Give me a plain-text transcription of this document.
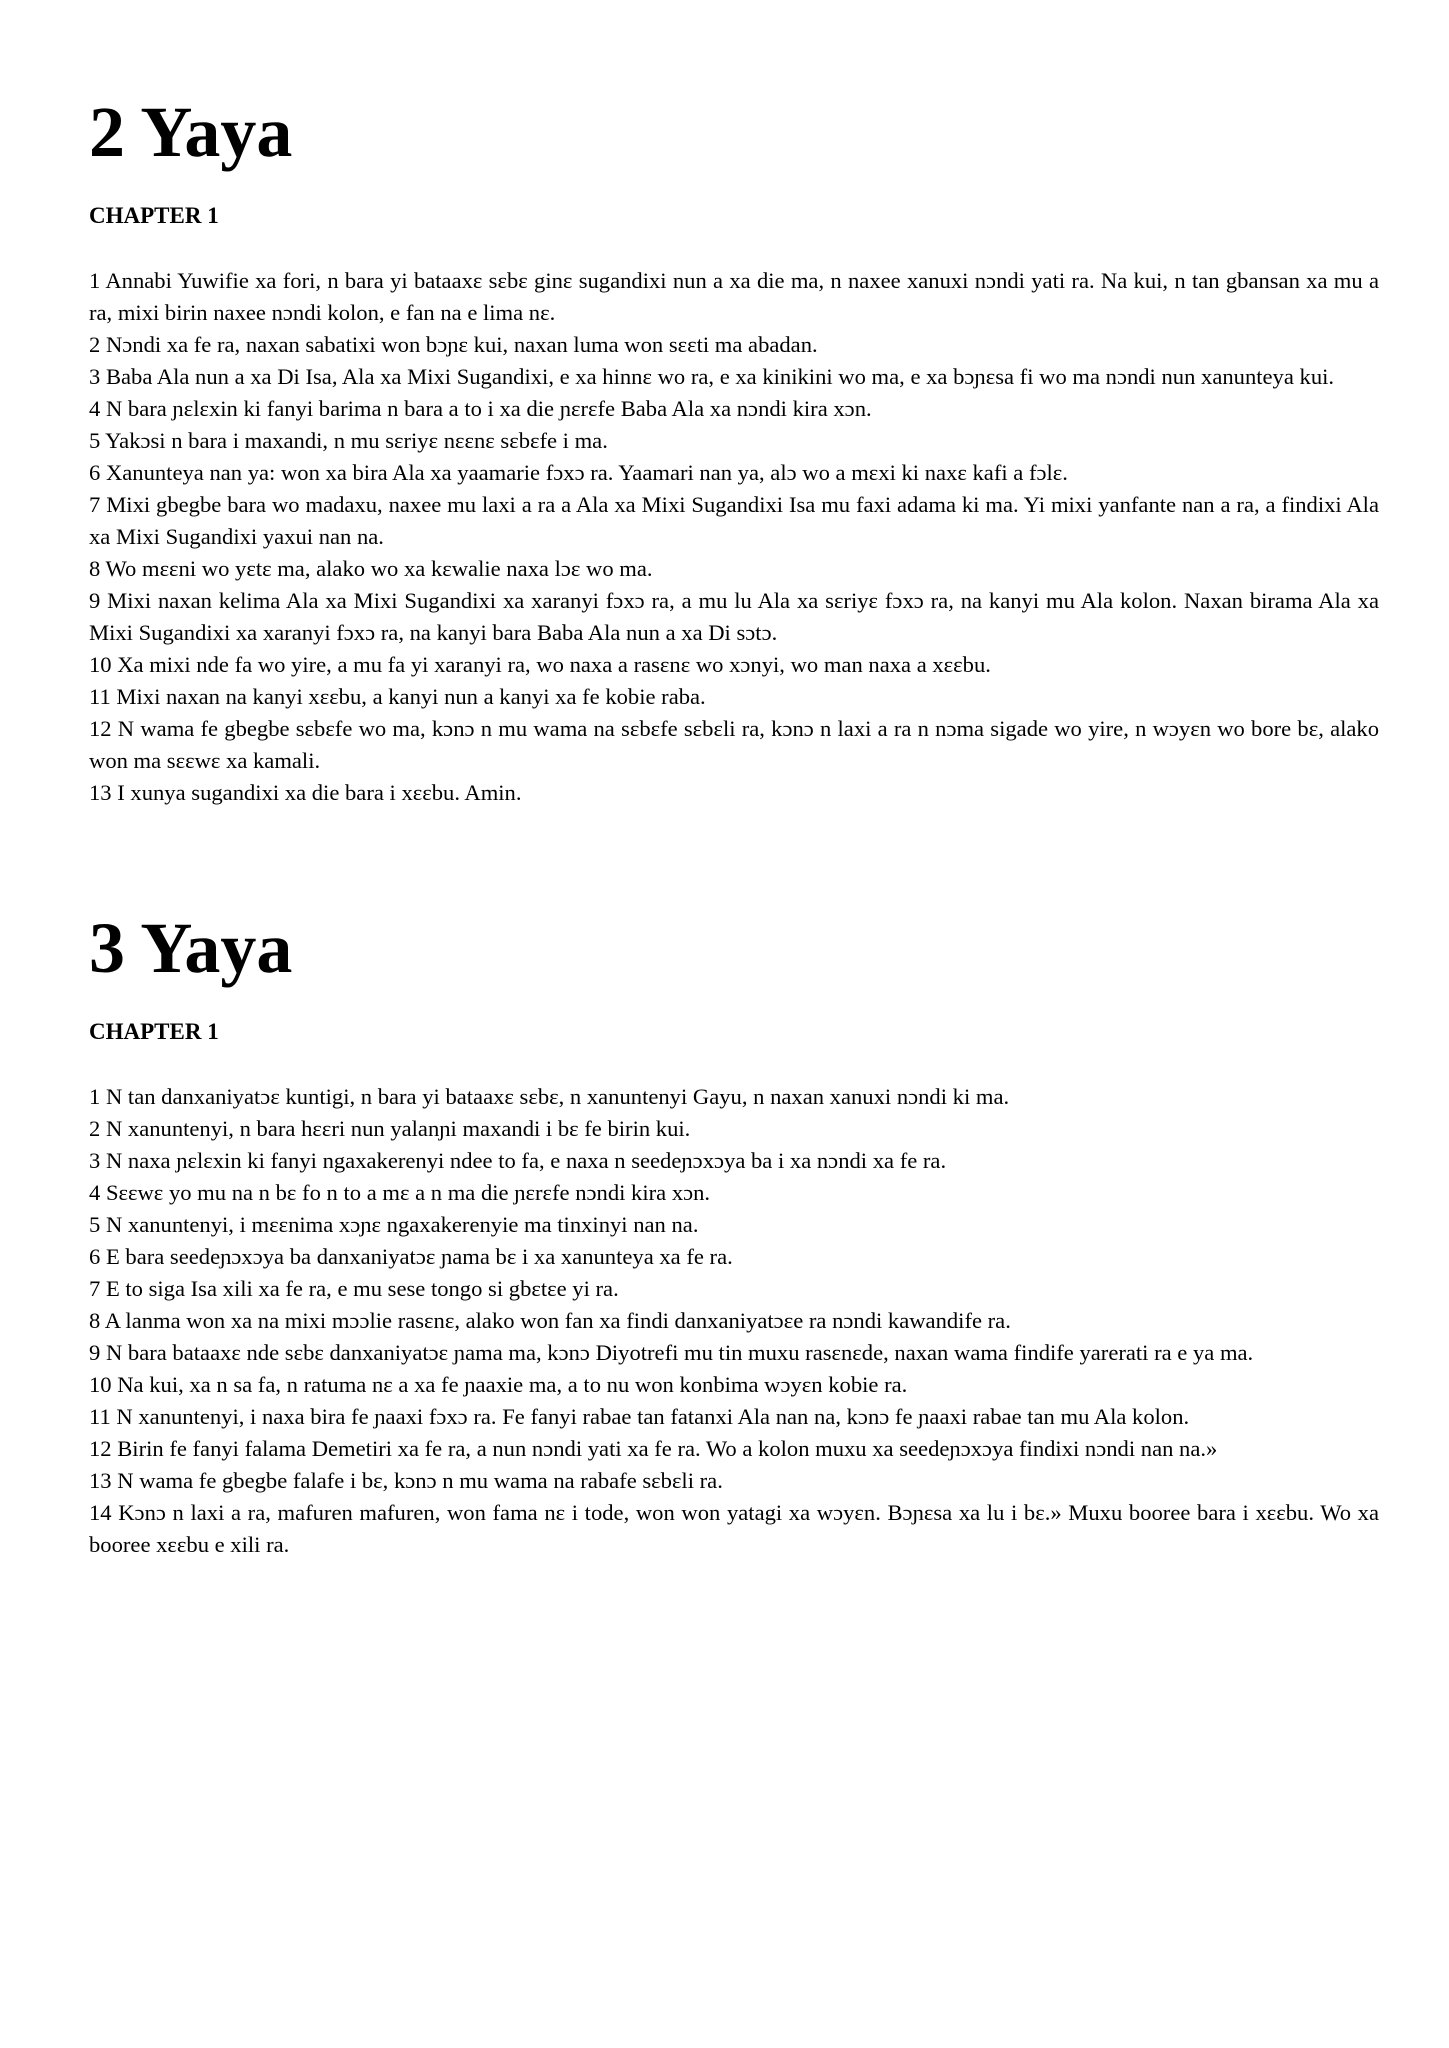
2 Yaya
CHAPTER 1
1 Annabi Yuwifie xa fori, n bara yi bataaxɛ sɛbɛ ginɛ sugandixi nun a xa die ma, n naxee xanuxi nɔndi yati ra. Na kui, n tan gbansan xa mu a ra, mixi birin naxee nɔndi kolon, e fan na e lima nɛ.
2 Nɔndi xa fe ra, naxan sabatixi won bɔɲɛ kui, naxan luma won sɛɛti ma abadan.
3 Baba Ala nun a xa Di Isa, Ala xa Mixi Sugandixi, e xa hinnɛ wo ra, e xa kinikini wo ma, e xa bɔɲɛsa fi wo ma nɔndi nun xanunteya kui.
4 N bara ɲɛlɛxin ki fanyi barima n bara a to i xa die ɲɛrɛfe Baba Ala xa nɔndi kira xɔn.
5 Yakɔsi n bara i maxandi, n mu sɛriyɛ nɛɛnɛ sɛbɛfe i ma.
6 Xanunteya nan ya: won xa bira Ala xa yaamarie fɔxɔ ra. Yaamari nan ya, alɔ wo a mɛxi ki naxɛ kafi a fɔlɛ.
7 Mixi gbegbe bara wo madaxu, naxee mu laxi a ra a Ala xa Mixi Sugandixi Isa mu faxi adama ki ma. Yi mixi yanfante nan a ra, a findixi Ala xa Mixi Sugandixi yaxui nan na.
8 Wo mɛɛni wo yɛtɛ ma, alako wo xa kɛwalie naxa lɔɛ wo ma.
9 Mixi naxan kelima Ala xa Mixi Sugandixi xa xaranyi fɔxɔ ra, a mu lu Ala xa sɛriyɛ fɔxɔ ra, na kanyi mu Ala kolon. Naxan birama Ala xa Mixi Sugandixi xa xaranyi fɔxɔ ra, na kanyi bara Baba Ala nun a xa Di sɔtɔ.
10 Xa mixi nde fa wo yire, a mu fa yi xaranyi ra, wo naxa a rasɛnɛ wo xɔnyi, wo man naxa a xɛɛbu.
11 Mixi naxan na kanyi xɛɛbu, a kanyi nun a kanyi xa fe kobie raba.
12 N wama fe gbegbe sɛbɛfe wo ma, kɔnɔ n mu wama na sɛbɛfe sɛbɛli ra, kɔnɔ n laxi a ra n nɔma sigade wo yire, n wɔyɛn wo bore bɛ, alako won ma sɛɛwɛ xa kamali.
13 I xunya sugandixi xa die bara i xɛɛbu. Amin.
3 Yaya
CHAPTER 1
1 N tan danxaniyatɔɛ kuntigi, n bara yi bataaxɛ sɛbɛ, n xanuntenyi Gayu, n naxan xanuxi nɔndi ki ma.
2 N xanuntenyi, n bara hɛɛri nun yalanɲi maxandi i bɛ fe birin kui.
3 N naxa ɲɛlɛxin ki fanyi ngaxakerenyi ndee to fa, e naxa n seedeɲɔxɔya ba i xa nɔndi xa fe ra.
4 Sɛɛwɛ yo mu na n bɛ fo n to a mɛ a n ma die ɲɛrɛfe nɔndi kira xɔn.
5 N xanuntenyi, i mɛɛnima xɔɲɛ ngaxakerenyie ma tinxinyi nan na.
6 E bara seedeɲɔxɔya ba danxaniyatɔɛ ɲama bɛ i xa xanunteya xa fe ra.
7 E to siga Isa xili xa fe ra, e mu sese tongo si gbɛtɛe yi ra.
8 A lanma won xa na mixi mɔɔlie rasɛnɛ, alako won fan xa findi danxaniyatɔɛe ra nɔndi kawandife ra.
9 N bara bataaxɛ nde sɛbɛ danxaniyatɔɛ ɲama ma, kɔnɔ Diyotrefi mu tin muxu rasɛnɛde, naxan wama findife yarerati ra e ya ma.
10 Na kui, xa n sa fa, n ratuma nɛ a xa fe ɲaaxie ma, a to nu won konbima wɔyɛn kobie ra.
11 N xanuntenyi, i naxa bira fe ɲaaxi fɔxɔ ra. Fe fanyi rabae tan fatanxi Ala nan na, kɔnɔ fe ɲaaxi rabae tan mu Ala kolon.
12 Birin fe fanyi falama Demetiri xa fe ra, a nun nɔndi yati xa fe ra. Wo a kolon muxu xa seedeɲɔxɔya findixi nɔndi nan na.»
13 N wama fe gbegbe falafe i bɛ, kɔnɔ n mu wama na rabafe sɛbɛli ra.
14 Kɔnɔ n laxi a ra, mafuren mafuren, won fama nɛ i tode, won won yatagi xa wɔyɛn. Bɔɲɛsa xa lu i bɛ.» Muxu booree bara i xɛɛbu. Wo xa booree xɛɛbu e xili ra.
